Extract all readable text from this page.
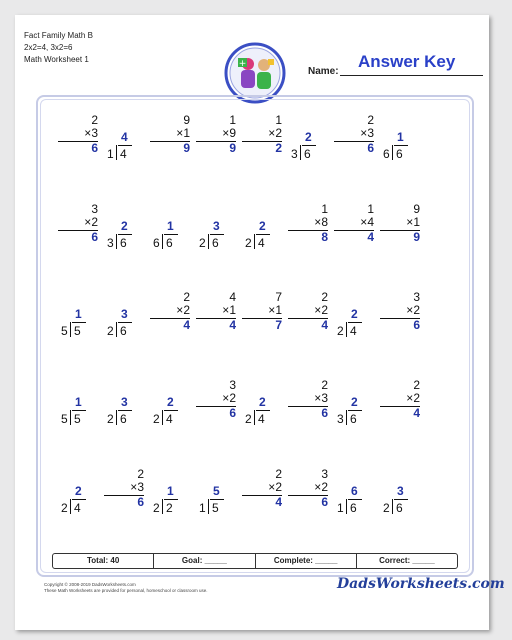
Fact Family Math B
2x2=4, 3x2=6
Math Worksheet 1	+
Name:
Answer Key
2
×3
6
4
1 4
9
×1
9
1
×9
9
1
×2
2
2
3 6
2
×3
6
1
6 6
3
×2
6
2
3 6
1
6 6
3
2 6
2
2 4
1
×8
8
1
×4
4
9
×1
9
1
5 5
3
2 6
2
×2
4
4
×1
4
7
×1
7
2
×2
4
2
2 4
3
×2
6
1
5 5
3
2 6
2
2 4
3
×2
6
2
2 4
2
×3
6
2
3 6
2
×2
4
2
2 4
2
×3
6
1
2 2
5
1 5
2
×2
4
3
×2
6
6
1 6
3
2 6
Total: 40	Goal: _____	Complete: _____	Correct: _____
Copyright © 2008-2019 DadsWorksheets.com
These Math Worksheets are provided for personal, homeschool or classroom use.	DadsWorksheets.com
